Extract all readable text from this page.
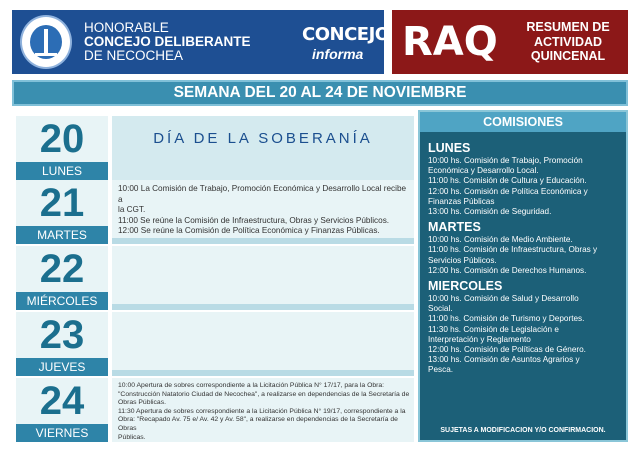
HONORABLE
CONCEJO DELIBERANTE
DE NECOCHEA
CONCEJO
informa RAQ	RESUMEN DE
ACTIVIDAD
QUINCENAL
SEMANA DEL 20 AL 24 DE NOVIEMBRE
20
LUNES
DÍA DE LA SOBERANÍA
21
MARTES
10:00 La Comisión de Trabajo, Promoción Económica y Desarrollo Local recibe a
la CGT.
11:00 Se reúne la Comisión de Infraestructura, Obras y Servicios Públicos.
12:00 Se reúne la Comisión de Política Económica y Finanzas Públicas.
22
MIÉRCOLES
23
JUEVES
24
VIERNES
10:00 Apertura de sobres correspondiente a la Licitación Pública N° 17/17, para la Obra:
"Construcción Natatorio Ciudad de Necochea", a realizarse en dependencias de la Secretaría de
Obras Públicas.
11:30 Apertura de sobres correspondiente a la Licitación Pública N° 19/17, correspondiente a la
Obra: "Recapado Av. 75 e/ Av. 42 y Av. 58", a realizarse en dependencias de la Secretaría de Obras
Públicas.
COMISIONES
LUNES
10:00 hs. Comisión de Trabajo, Promoción
Económica y Desarrollo Local.
11:00 hs. Comisión de Cultura y Educación.
12:00 hs. Comisión de Política Económica y
Finanzas Públicas
13:00 hs. Comisión de Seguridad.
MARTES
10:00 hs. Comisión de Medio Ambiente.
11:00 hs. Comisión de Infraestructura, Obras y
Servicios Públicos.
12:00 hs. Comisión de Derechos Humanos.
MIERCOLES
10:00 hs. Comisión de Salud y Desarrollo
Social.
11:00 hs. Comisión de Turismo y Deportes.
11:30 hs. Comisión de Legislación e
Interpretación y Reglamento
12:00 hs. Comisión de Políticas de Género.
13:00 hs. Comisión de Asuntos Agrarios y
Pesca.
SUJETAS A MODIFICACION Y/O CONFIRMACION.
